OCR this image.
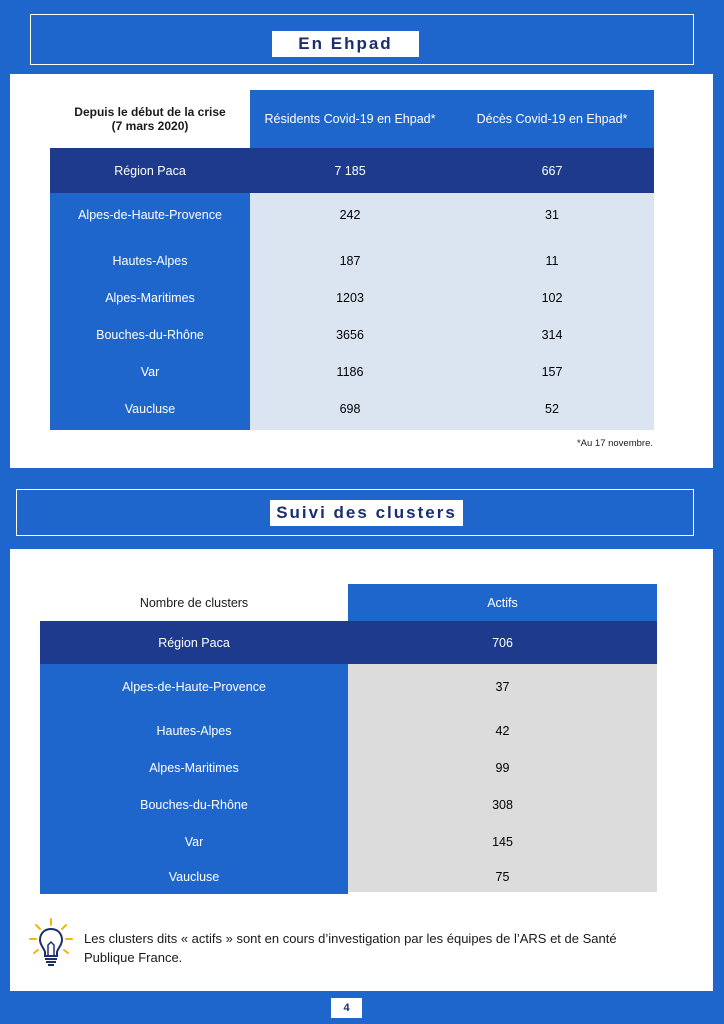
En Ehpad
Depuis le début de la crise
(7 mars 2020)	Résidents Covid-19 en Ehpad*	Décès Covid-19 en Ehpad*
Région Paca	7 185	667
Alpes-de-Haute-Provence	242	31
Hautes-Alpes	187	11
Alpes-Maritimes	1203	102
Bouches-du-Rhône	3656	314
Var	1186	157
Vaucluse	698	52
*Au 17 novembre.
Suivi des clusters
Nombre de clusters	Actifs
Région Paca	706
Alpes-de-Haute-Provence	37
Hautes-Alpes	42
Alpes-Maritimes	99
Bouches-du-Rhône	308
Var	145
Vaucluse	75
Les clusters dits « actifs » sont en cours d’investigation par les équipes de l’ARS et de Santé
Publique France.
4
